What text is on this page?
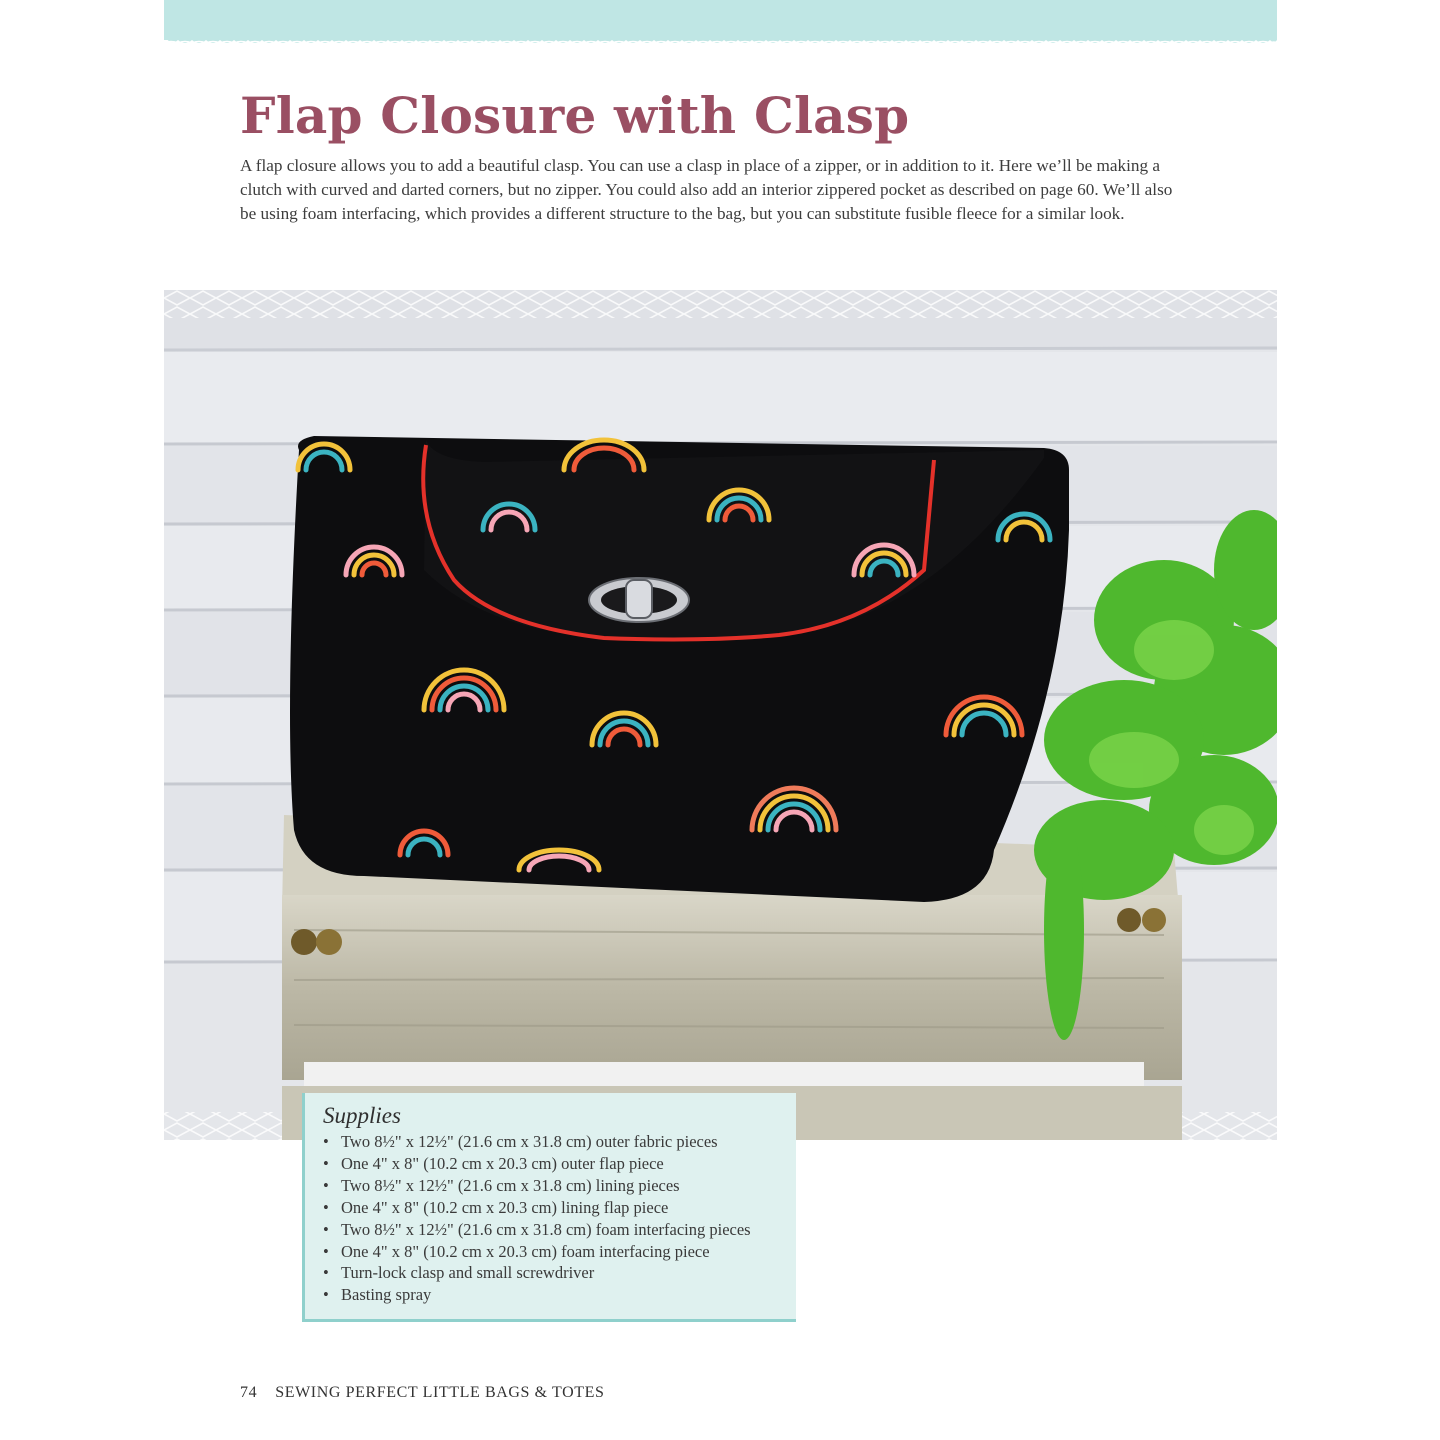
Flap Closure with Clasp

A flap closure allows you to add a beautiful clasp. You can use a clasp in place of a zipper, or in addition to it. Here we’ll be making a clutch with curved and darted corners, but no zipper. You could also add an interior zippered pocket as described on page 60. We’ll also be using foam interfacing, which provides a different structure to the bag, but you can substitute fusible fleece for a similar look.

Supplies
• Two 8½" x 12½" (21.6 cm x 31.8 cm) outer fabric pieces
• One 4" x 8" (10.2 cm x 20.3 cm) outer flap piece
• Two 8½" x 12½" (21.6 cm x 31.8 cm) lining pieces
• One 4" x 8" (10.2 cm x 20.3 cm) lining flap piece
• Two 8½" x 12½" (21.6 cm x 31.8 cm) foam interfacing pieces
• One 4" x 8" (10.2 cm x 20.3 cm) foam interfacing piece
• Turn-lock clasp and small screwdriver
• Basting spray
74 SEWING PERFECT LITTLE BAGS & TOTES
